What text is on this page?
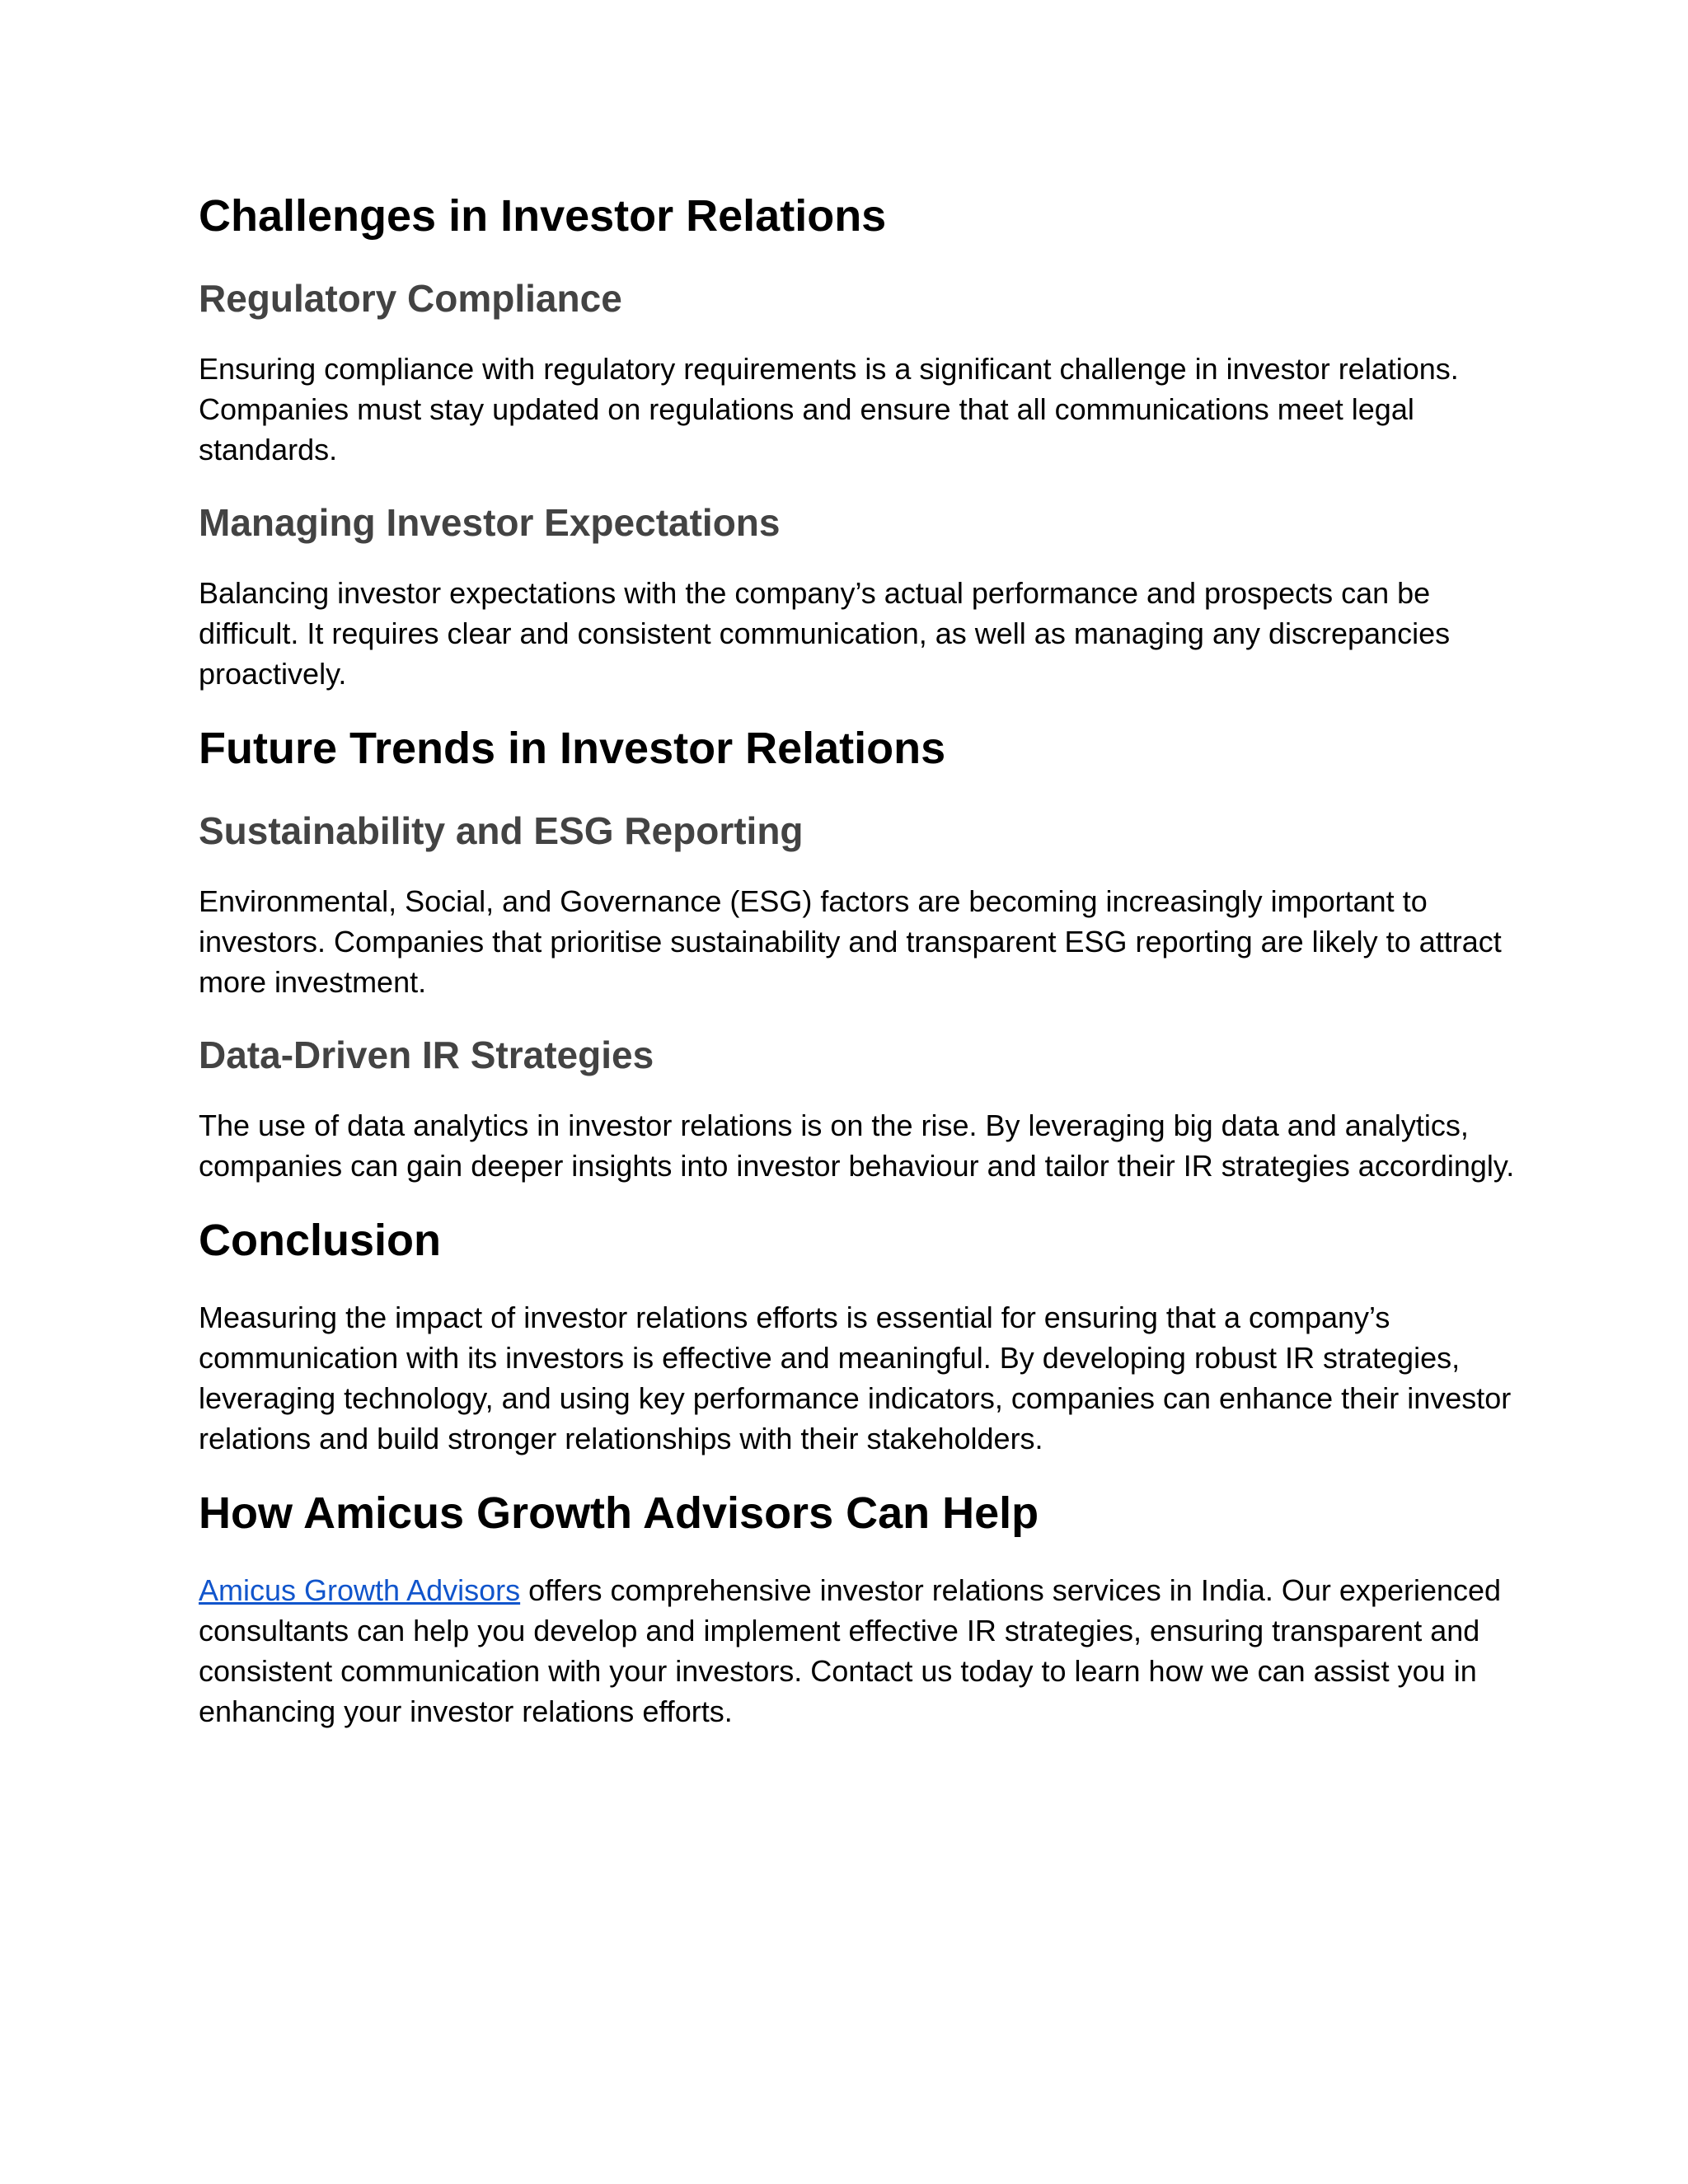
Challenges in Investor Relations
Regulatory Compliance

Ensuring compliance with regulatory requirements is a significant challenge in investor relations. Companies must stay updated on regulations and ensure that all communications meet legal standards.

Managing Investor Expectations

Balancing investor expectations with the company’s actual performance and prospects can be difficult. It requires clear and consistent communication, as well as managing any discrepancies proactively.

Future Trends in Investor Relations
Sustainability and ESG Reporting

Environmental, Social, and Governance (ESG) factors are becoming increasingly important to investors. Companies that prioritise sustainability and transparent ESG reporting are likely to attract more investment.

Data-Driven IR Strategies

The use of data analytics in investor relations is on the rise. By leveraging big data and analytics, companies can gain deeper insights into investor behaviour and tailor their IR strategies accordingly.

Conclusion

Measuring the impact of investor relations efforts is essential for ensuring that a company’s communication with its investors is effective and meaningful. By developing robust IR strategies, leveraging technology, and using key performance indicators, companies can enhance their investor relations and build stronger relationships with their stakeholders.

How Amicus Growth Advisors Can Help

Amicus Growth Advisors offers comprehensive investor relations services in India. Our experienced consultants can help you develop and implement effective IR strategies, ensuring transparent and consistent communication with your investors. Contact us today to learn how we can assist you in enhancing your investor relations efforts.
